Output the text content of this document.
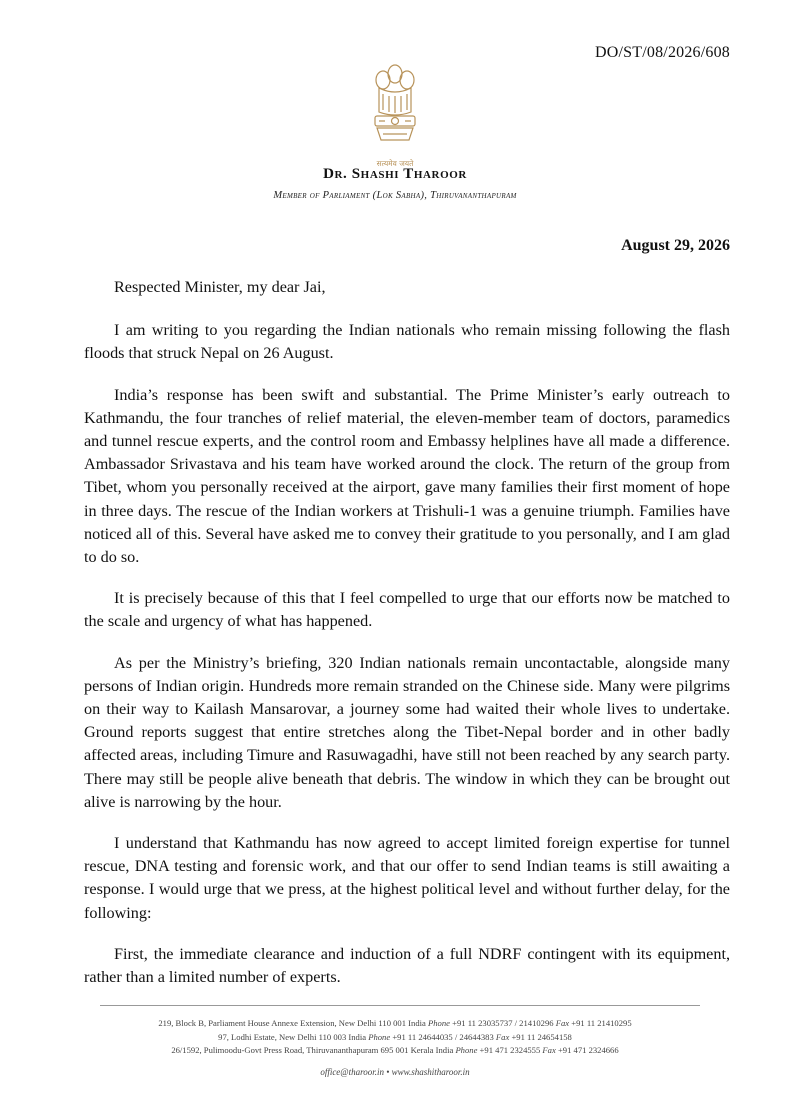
DO/ST/08/2026/608
सत्यमेव जयते
Dr. Shashi Tharoor
Member of Parliament (Lok Sabha), Thiruvananthapuram
August 29, 2026

Respected Minister, my dear Jai,

I am writing to you regarding the Indian nationals who remain missing following the flash floods that struck Nepal on 26 August.

India’s response has been swift and substantial. The Prime Minister’s early outreach to Kathmandu, the four tranches of relief material, the eleven-member team of doctors, paramedics and tunnel rescue experts, and the control room and Embassy helplines have all made a difference. Ambassador Srivastava and his team have worked around the clock. The return of the group from Tibet, whom you personally received at the airport, gave many families their first moment of hope in three days. The rescue of the Indian workers at Trishuli-1 was a genuine triumph. Families have noticed all of this. Several have asked me to convey their gratitude to you personally, and I am glad to do so.

It is precisely because of this that I feel compelled to urge that our efforts now be matched to the scale and urgency of what has happened.

As per the Ministry’s briefing, 320 Indian nationals remain uncontactable, alongside many persons of Indian origin. Hundreds more remain stranded on the Chinese side. Many were pilgrims on their way to Kailash Mansarovar, a journey some had waited their whole lives to undertake. Ground reports suggest that entire stretches along the Tibet-Nepal border and in other badly affected areas, including Timure and Rasuwagadhi, have still not been reached by any search party. There may still be people alive beneath that debris. The window in which they can be brought out alive is narrowing by the hour.

I understand that Kathmandu has now agreed to accept limited foreign expertise for tunnel rescue, DNA testing and forensic work, and that our offer to send Indian teams is still awaiting a response. I would urge that we press, at the highest political level and without further delay, for the following:

First, the immediate clearance and induction of a full NDRF contingent with its equipment, rather than a limited number of experts.

219, Block B, Parliament House Annexe Extension, New Delhi 110 001 India Phone +91 11 23035737 / 21410296 Fax +91 11 21410295
97, Lodhi Estate, New Delhi 110 003 India Phone +91 11 24644035 / 24644383 Fax +91 11 24654158
26/1592, Pulimoodu-Govt Press Road, Thiruvananthapuram 695 001 Kerala India Phone +91 471 2324555 Fax +91 471 2324666
office@tharoor.in • www.shashitharoor.in
